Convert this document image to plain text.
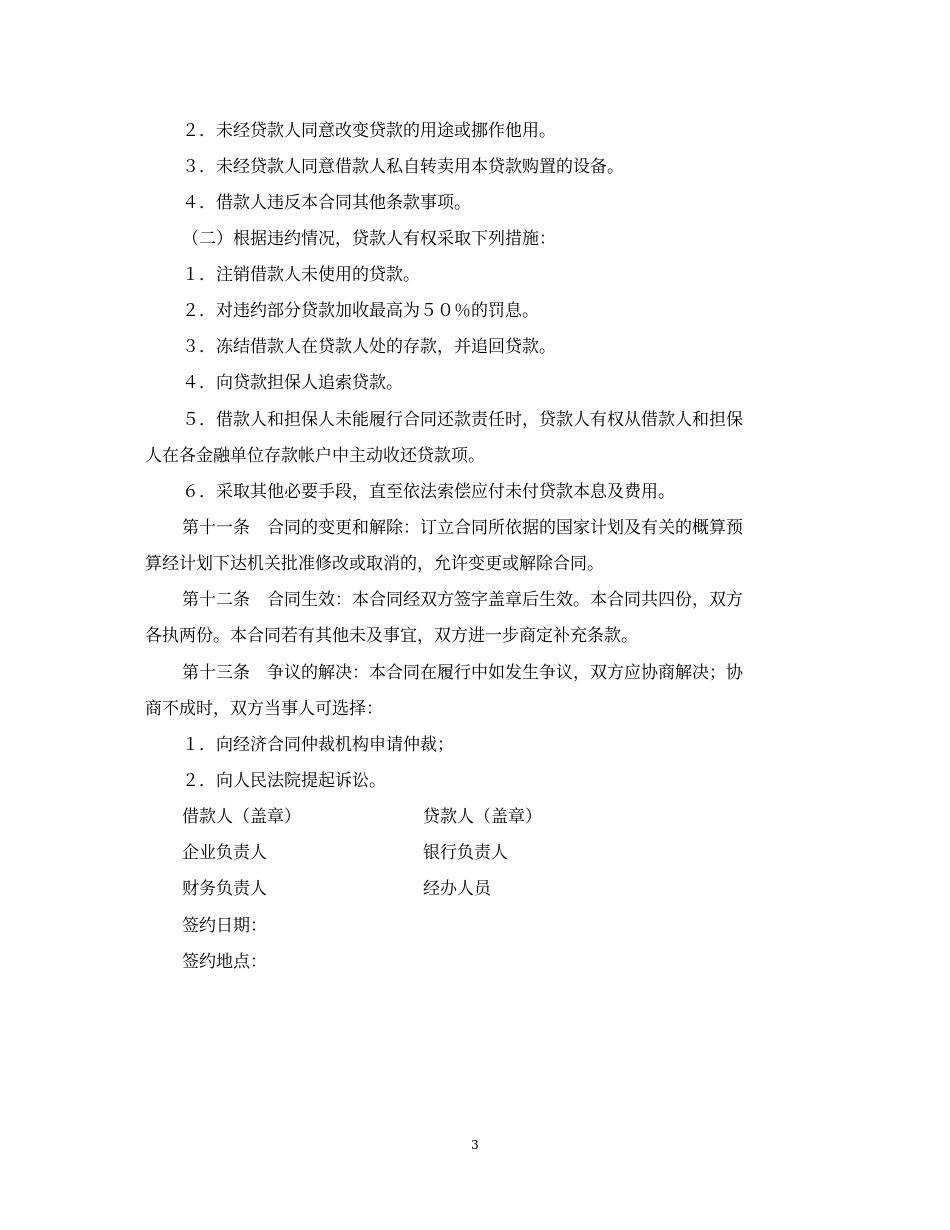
２．未经贷款人同意改变贷款的用途或挪作他用。

３．未经贷款人同意借款人私自转卖用本贷款购置的设备。

４．借款人违反本合同其他条款事项。

（二）根据违约情况，贷款人有权采取下列措施：

１．注销借款人未使用的贷款。

２．对违约部分贷款加收最高为５０％的罚息。

３．冻结借款人在贷款人处的存款，并追回贷款。

４．向贷款担保人追索贷款。

５．借款人和担保人未能履行合同还款责任时，贷款人有权从借款人和担保

人在各金融单位存款帐户中主动收还贷款项。

６．采取其他必要手段，直至依法索偿应付未付贷款本息及费用。

第十一条　合同的变更和解除：订立合同所依据的国家计划及有关的概算预

算经计划下达机关批准修改或取消的，允许变更或解除合同。

第十二条　合同生效：本合同经双方签字盖章后生效。本合同共四份，双方

各执两份。本合同若有其他未及事宜，双方进一步商定补充条款。

第十三条　争议的解决：本合同在履行中如发生争议，双方应协商解决；协

商不成时，双方当事人可选择：

１．向经济合同仲裁机构申请仲裁；

２．向人民法院提起诉讼。

借款人（盖章）	贷款人（盖章）

企业负责人	银行负责人

财务负责人	经办人员

签约日期：

签约地点：

3
